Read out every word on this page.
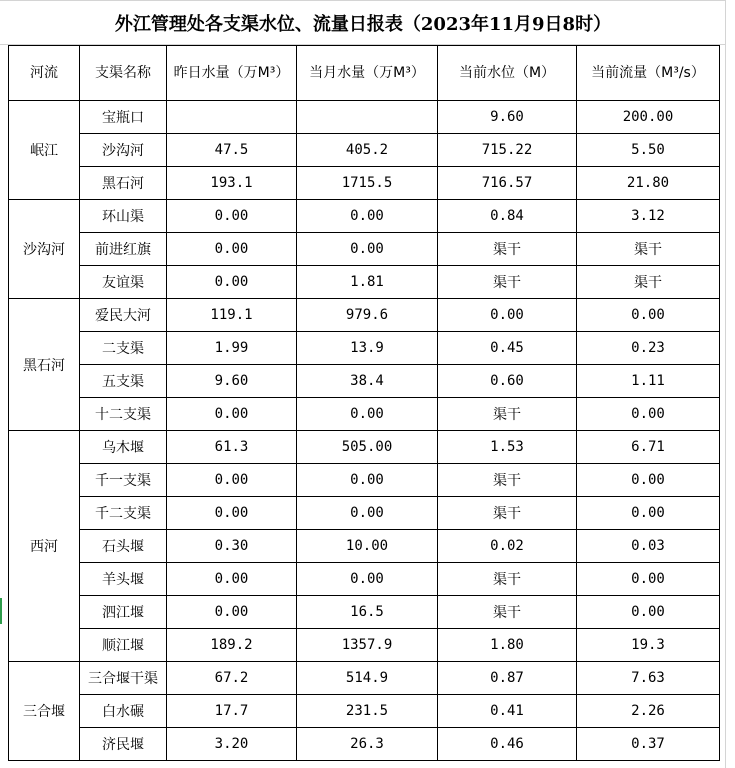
外江管理处各支渠水位、流量日报表（2023年11月9日8时）
河流	支渠名称	昨日水量（万M³）	当月水量（万M³）	当前水位（M）	当前流量（M³/s）
岷江	宝瓶口			9.60	200.00
	沙沟河	47.5	405.2	715.22	5.50
	黑石河	193.1	1715.5	716.57	21.80
沙沟河	环山渠	0.00	0.00	0.84	3.12
	前进红旗	0.00	0.00	渠干	渠干
	友谊渠	0.00	1.81	渠干	渠干
黑石河	爱民大河	119.1	979.6	0.00	0.00
	二支渠	1.99	13.9	0.45	0.23
	五支渠	9.60	38.4	0.60	1.11
	十二支渠	0.00	0.00	渠干	0.00
西河	乌木堰	61.3	505.00	1.53	6.71
	千一支渠	0.00	0.00	渠干	0.00
	千二支渠	0.00	0.00	渠干	0.00
	石头堰	0.30	10.00	0.02	0.03
	羊头堰	0.00	0.00	渠干	0.00
	泗江堰	0.00	16.5	渠干	0.00
	顺江堰	189.2	1357.9	1.80	19.3
三合堰	三合堰干渠	67.2	514.9	0.87	7.63
	白水碾	17.7	231.5	0.41	2.26
	济民堰	3.20	26.3	0.46	0.37
